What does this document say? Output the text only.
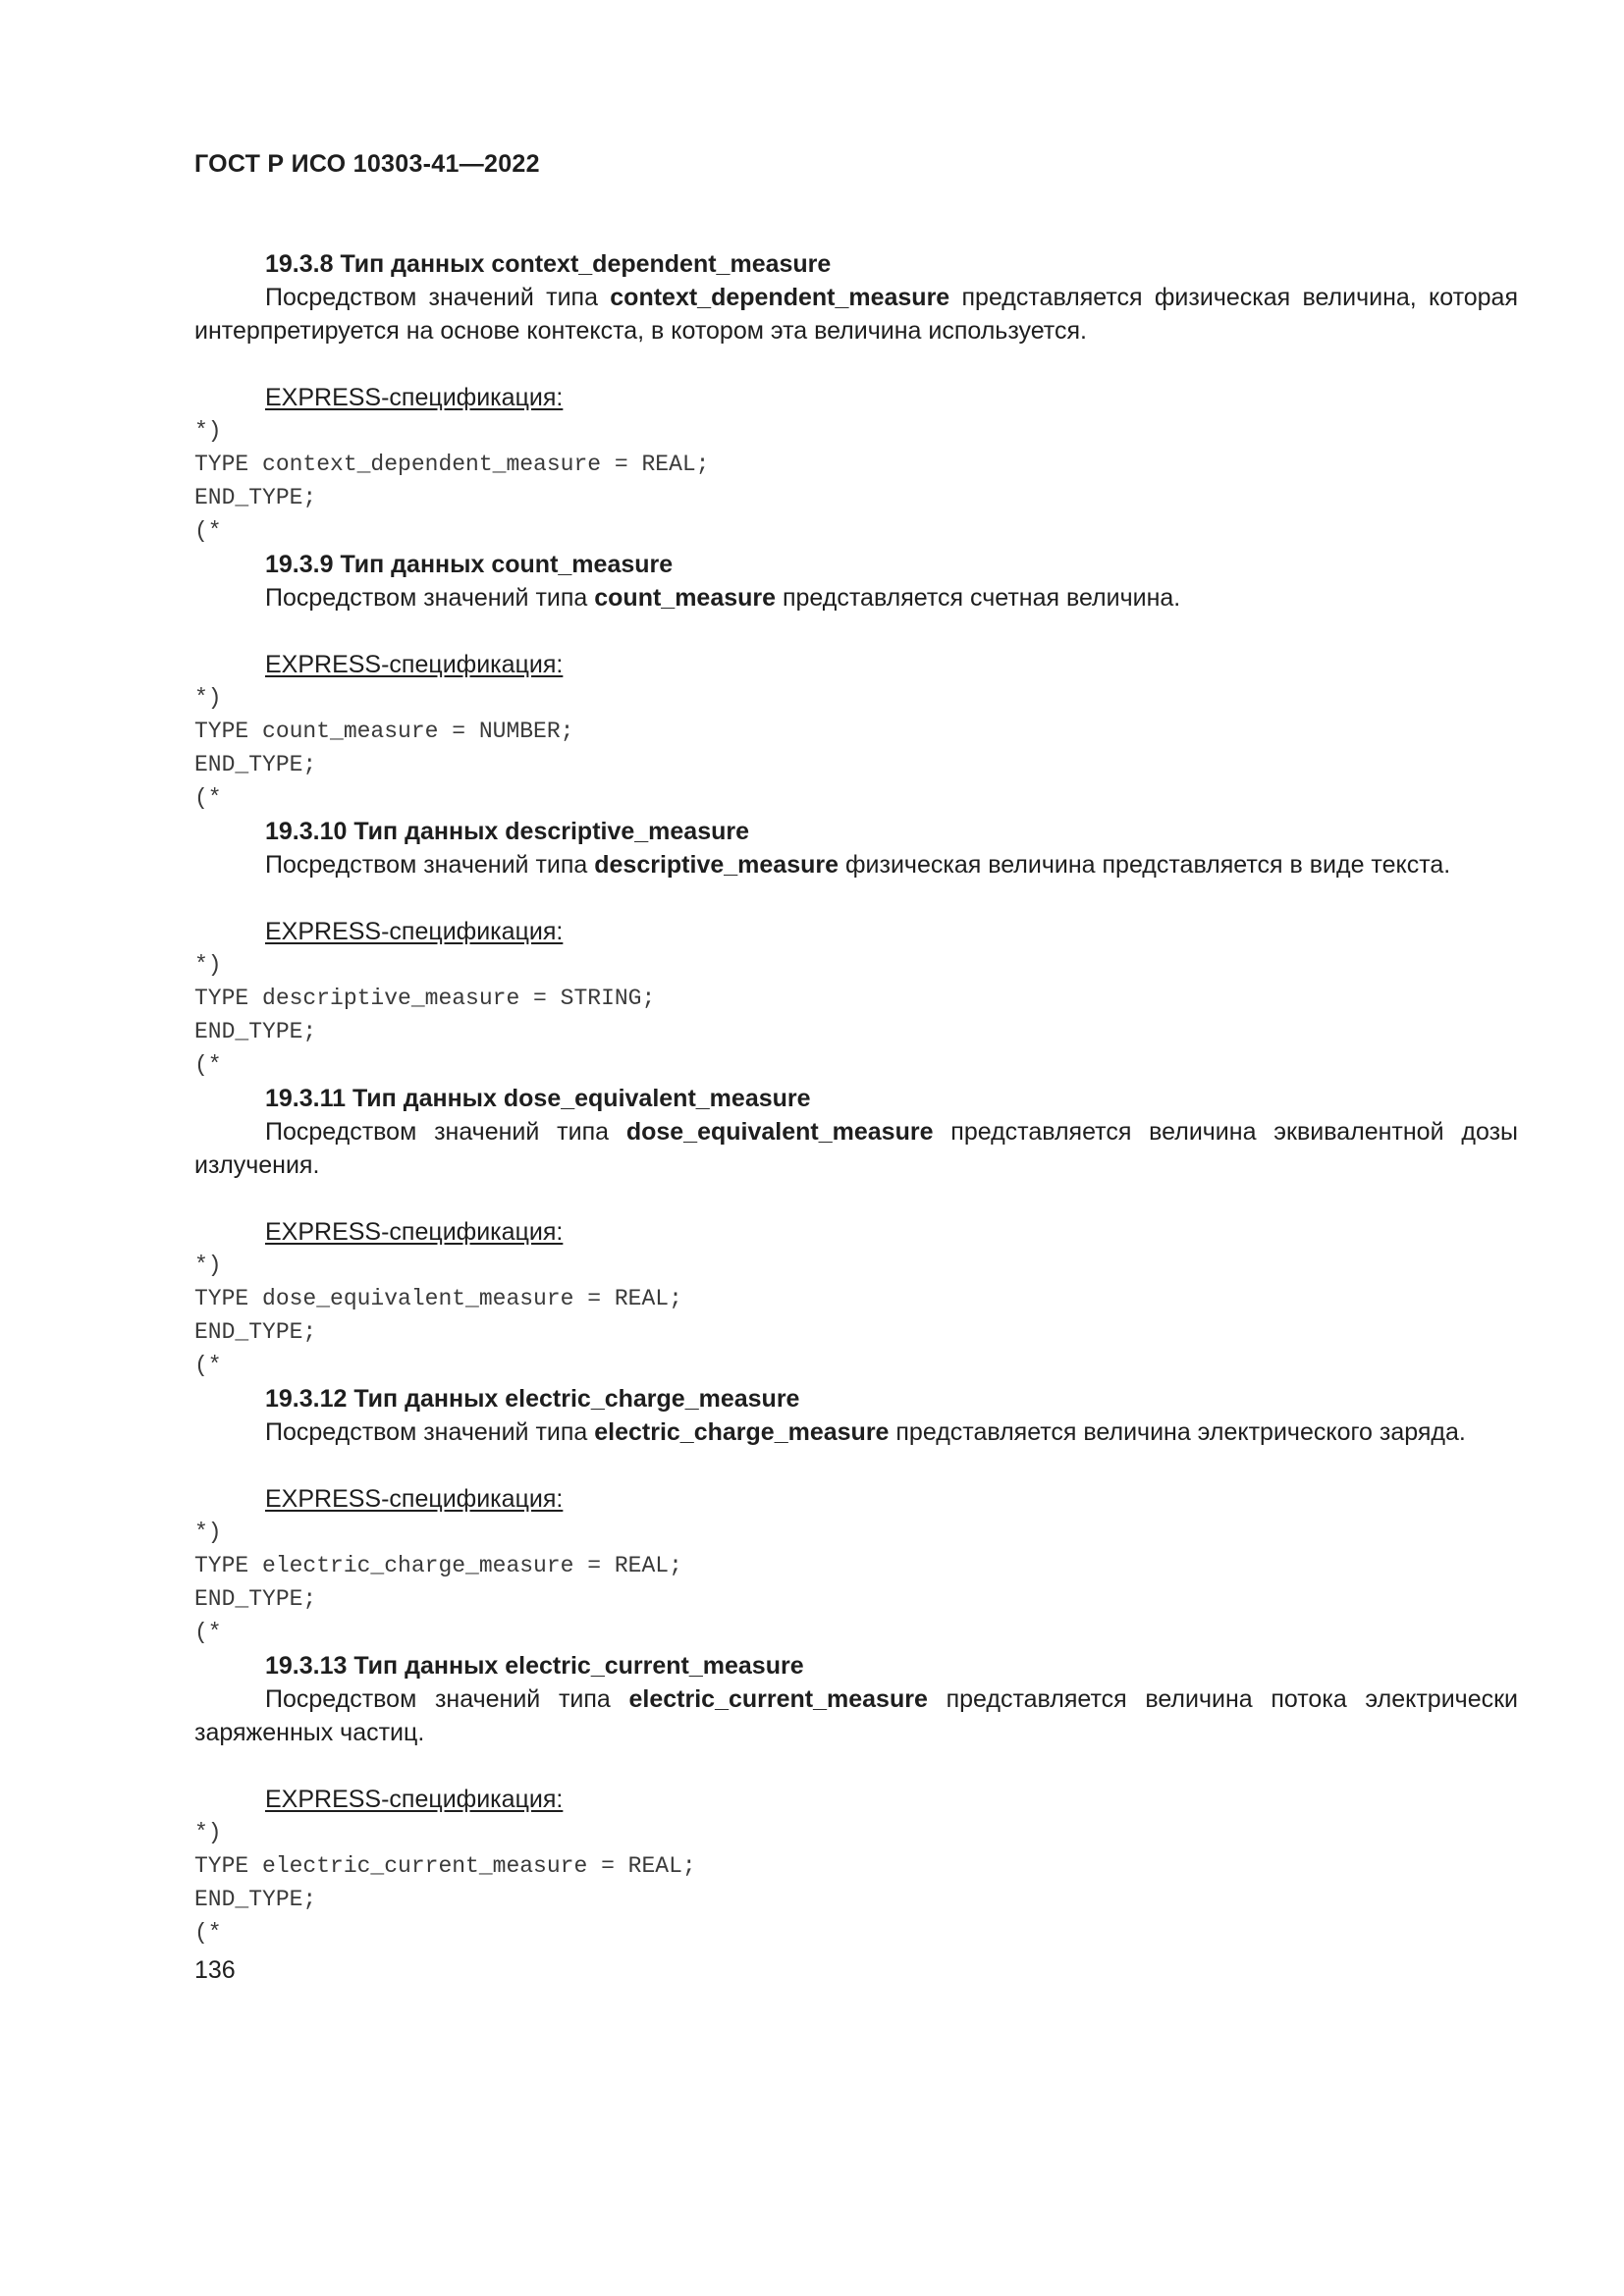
ГОСТ Р ИСО 10303-41—2022
19.3.8 Тип данных context_dependent_measure
Посредством значений типа context_dependent_measure представляется физическая величина, которая интерпретируется на основе контекста, в котором эта величина используется.
EXPRESS-спецификация:
*)
TYPE context_dependent_measure = REAL;
END_TYPE;
(*
19.3.9 Тип данных count_measure
Посредством значений типа count_measure представляется счетная величина.
EXPRESS-спецификация:
*)
TYPE count_measure = NUMBER;
END_TYPE;
(*
19.3.10 Тип данных descriptive_measure
Посредством значений типа descriptive_measure физическая величина представляется в виде текста.
EXPRESS-спецификация:
*)
TYPE descriptive_measure = STRING;
END_TYPE;
(*
19.3.11 Тип данных dose_equivalent_measure
Посредством значений типа dose_equivalent_measure представляется величина эквивалентной дозы излучения.
EXPRESS-спецификация:
*)
TYPE dose_equivalent_measure = REAL;
END_TYPE;
(*
19.3.12 Тип данных electric_charge_measure
Посредством значений типа electric_charge_measure представляется величина электрического заряда.
EXPRESS-спецификация:
*)
TYPE electric_charge_measure = REAL;
END_TYPE;
(*
19.3.13 Тип данных electric_current_measure
Посредством значений типа electric_current_measure представляется величина потока электрически заряженных частиц.
EXPRESS-спецификация:
*)
TYPE electric_current_measure = REAL;
END_TYPE;
(*
136
